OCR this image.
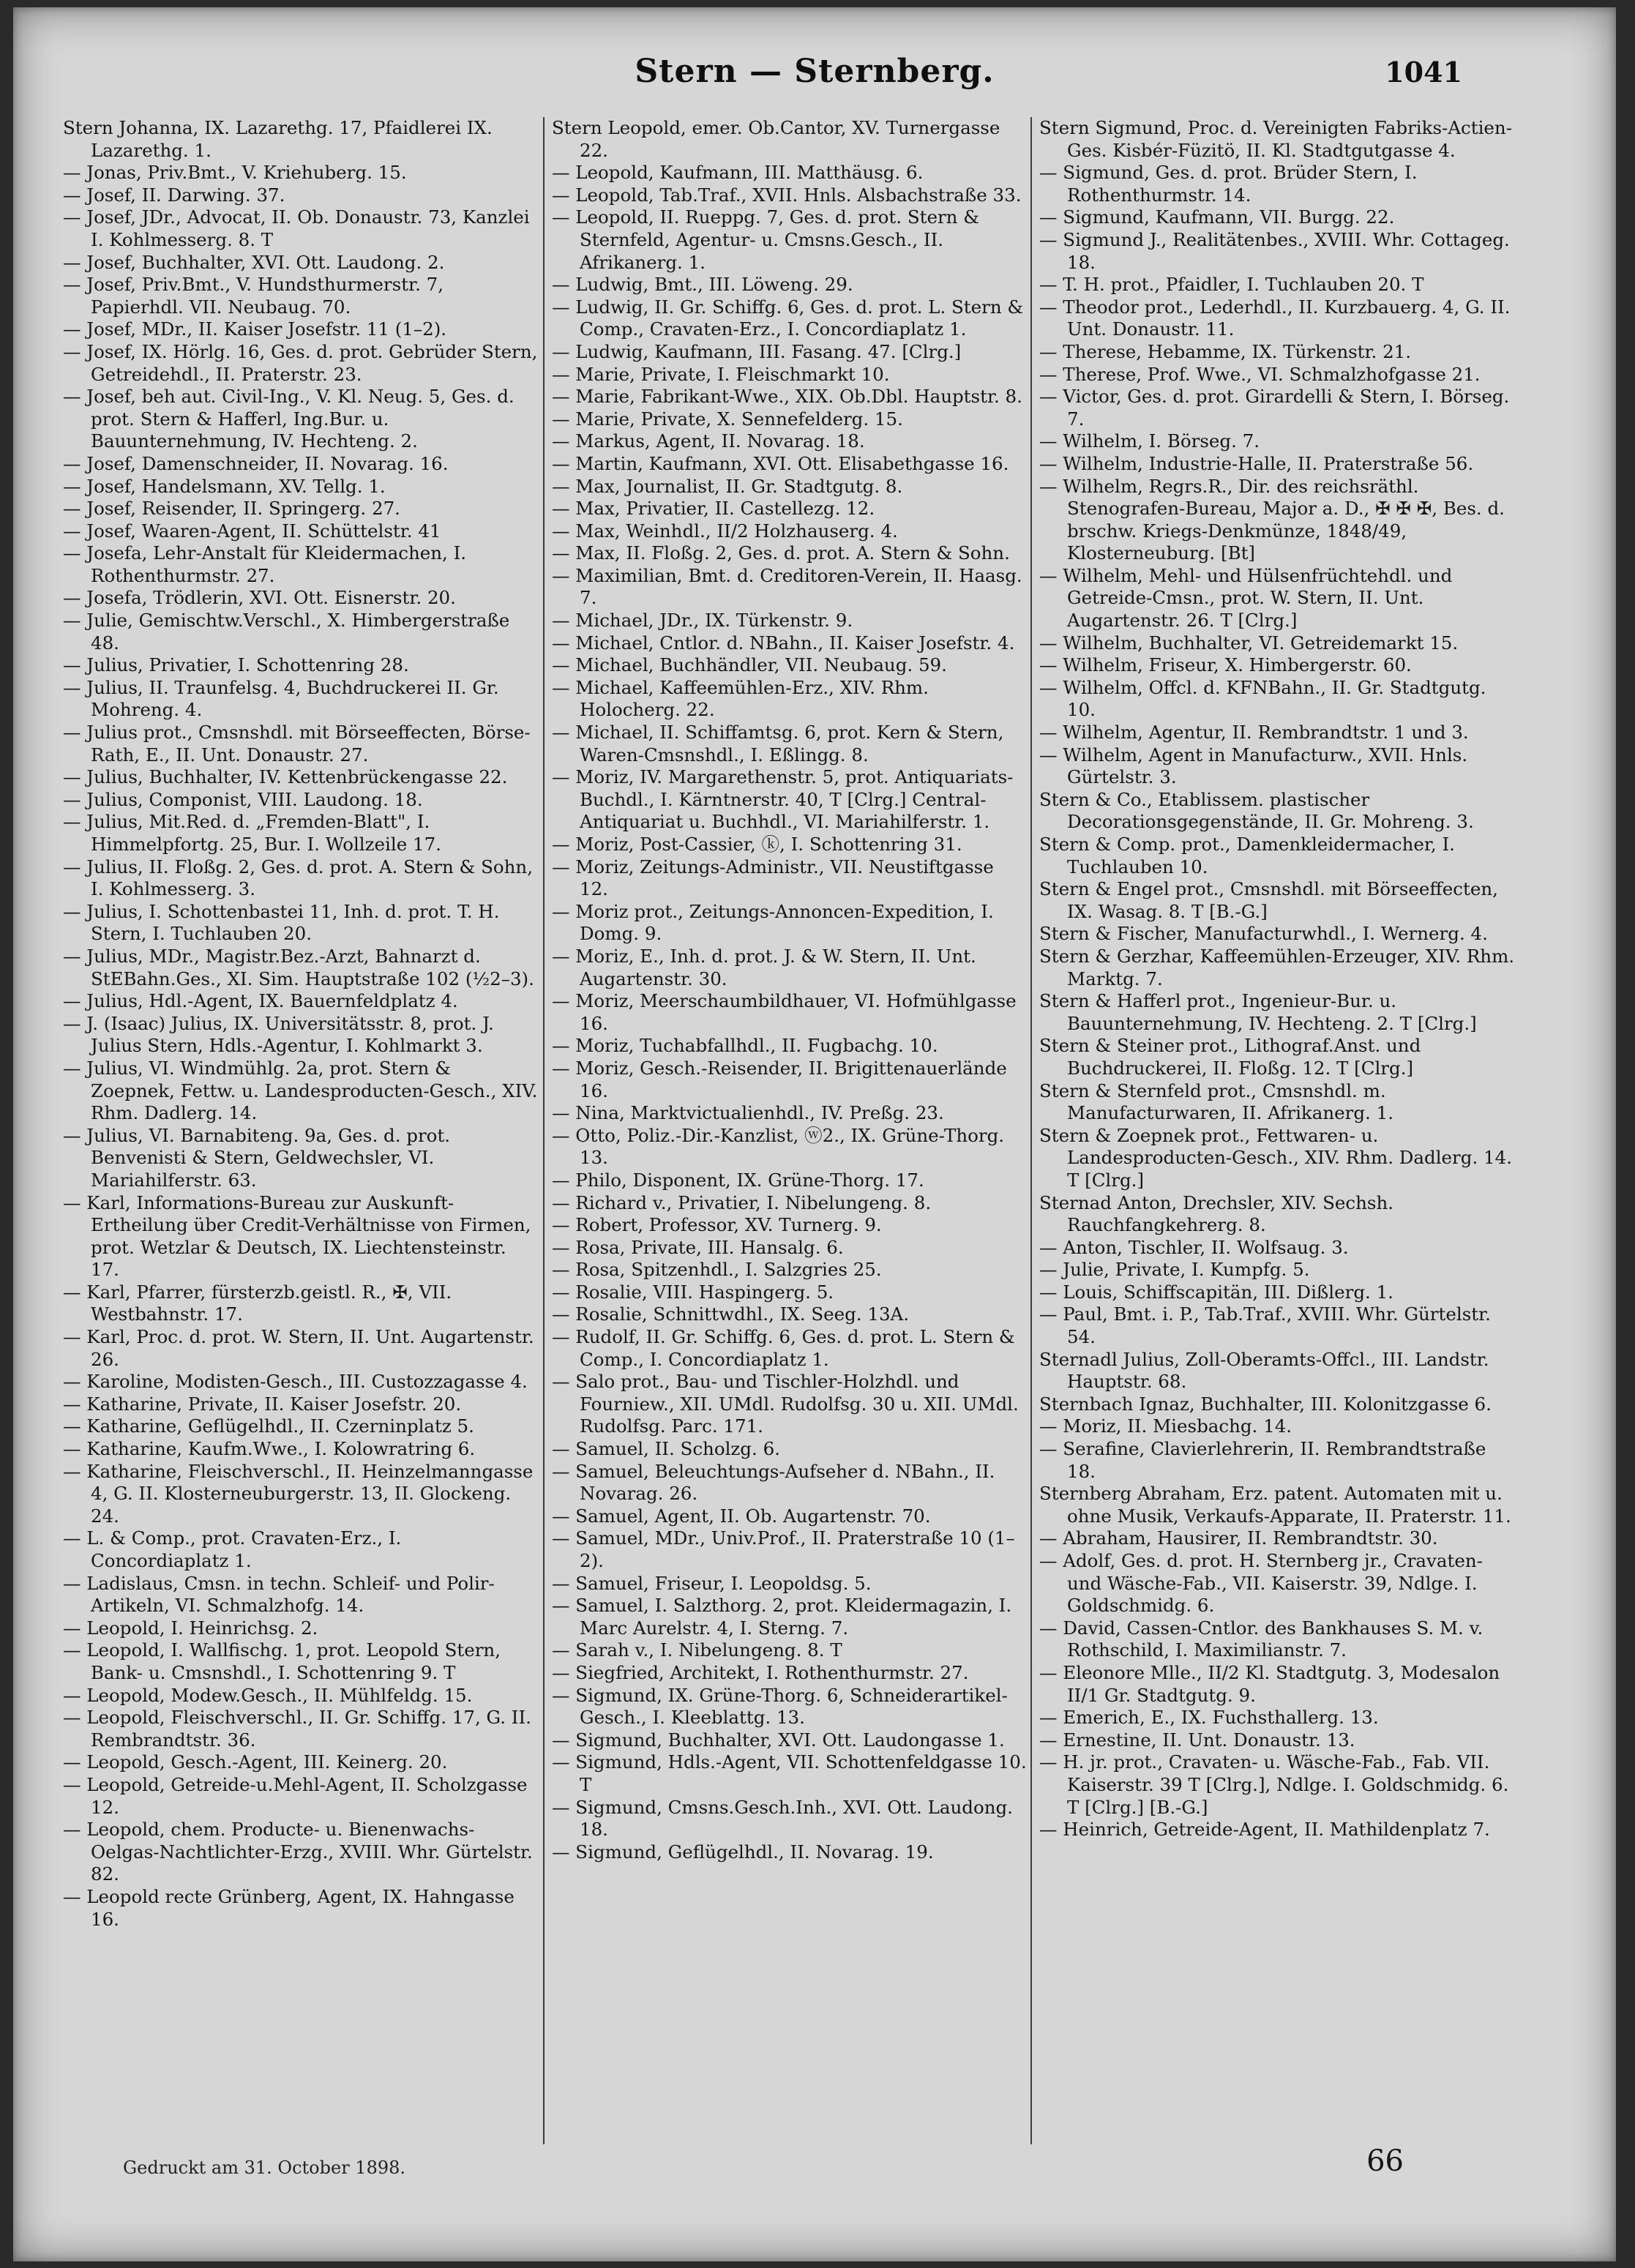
Stern — Sternberg.	1041

Stern Johanna, IX. Lazarethg. 17, Pfaidlerei IX. Lazarethg. 1.

— Jonas, Priv.Bmt., V. Kriehuberg. 15.

— Josef, II. Darwing. 37.

— Josef, JDr., Advocat, II. Ob. Donaustr. 73, Kanzlei I. Kohlmesserg. 8. T

— Josef, Buchhalter, XVI. Ott. Laudong. 2.

— Josef, Priv.Bmt., V. Hundsthurmerstr. 7, Papierhdl. VII. Neubaug. 70.

— Josef, MDr., II. Kaiser Josefstr. 11 (1–2).

— Josef, IX. Hörlg. 16, Ges. d. prot. Gebrüder Stern, Getreidehdl., II. Praterstr. 23.

— Josef, beh aut. Civil-Ing., V. Kl. Neug. 5, Ges. d. prot. Stern & Hafferl, Ing.Bur. u. Bauunternehmung, IV. Hechteng. 2.

— Josef, Damenschneider, II. Novarag. 16.

— Josef, Handelsmann, XV. Tellg. 1.

— Josef, Reisender, II. Springerg. 27.

— Josef, Waaren-Agent, II. Schüttelstr. 41

— Josefa, Lehr-Anstalt für Kleidermachen, I. Rothenthurmstr. 27.

— Josefa, Trödlerin, XVI. Ott. Eisnerstr. 20.

— Julie, Gemischtw.Verschl., X. Himbergerstraße 48.

— Julius, Privatier, I. Schottenring 28.

— Julius, II. Traunfelsg. 4, Buchdruckerei II. Gr. Mohreng. 4.

— Julius prot., Cmsnshdl. mit Börseeffecten, Börse-Rath, E., II. Unt. Donaustr. 27.

— Julius, Buchhalter, IV. Kettenbrückengasse 22.

— Julius, Componist, VIII. Laudong. 18.

— Julius, Mit.Red. d. „Fremden-Blatt", I. Himmelpfortg. 25, Bur. I. Wollzeile 17.

— Julius, II. Floßg. 2, Ges. d. prot. A. Stern & Sohn, I. Kohlmesserg. 3.

— Julius, I. Schottenbastei 11, Inh. d. prot. T. H. Stern, I. Tuchlauben 20.

— Julius, MDr., Magistr.Bez.-Arzt, Bahnarzt d. StEBahn.Ges., XI. Sim. Hauptstraße 102 (½2–3).

— Julius, Hdl.-Agent, IX. Bauernfeldplatz 4.

— J. (Isaac) Julius, IX. Universitätsstr. 8, prot. J. Julius Stern, Hdls.-Agentur, I. Kohlmarkt 3.

— Julius, VI. Windmühlg. 2a, prot. Stern & Zoepnek, Fettw. u. Landesproducten-Gesch., XIV. Rhm. Dadlerg. 14.

— Julius, VI. Barnabiteng. 9a, Ges. d. prot. Benvenisti & Stern, Geldwechsler, VI. Mariahilferstr. 63.

— Karl, Informations-Bureau zur Auskunft-Ertheilung über Credit-Verhältnisse von Firmen, prot. Wetzlar & Deutsch, IX. Liechtensteinstr. 17.

— Karl, Pfarrer, fürsterzb.geistl. R., ✠, VII. Westbahnstr. 17.

— Karl, Proc. d. prot. W. Stern, II. Unt. Augartenstr. 26.

— Karoline, Modisten-Gesch., III. Custozzagasse 4.

— Katharine, Private, II. Kaiser Josefstr. 20.

— Katharine, Geflügelhdl., II. Czerninplatz 5.

— Katharine, Kaufm.Wwe., I. Kolowratring 6.

— Katharine, Fleischverschl., II. Heinzelmanngasse 4, G. II. Klosterneuburgerstr. 13, II. Glockeng. 24.

— L. & Comp., prot. Cravaten-Erz., I. Concordiaplatz 1.

— Ladislaus, Cmsn. in techn. Schleif- und Polir-Artikeln, VI. Schmalzhofg. 14.

— Leopold, I. Heinrichsg. 2.

— Leopold, I. Wallfischg. 1, prot. Leopold Stern, Bank- u. Cmsnshdl., I. Schottenring 9. T

— Leopold, Modew.Gesch., II. Mühlfeldg. 15.

— Leopold, Fleischverschl., II. Gr. Schiffg. 17, G. II. Rembrandtstr. 36.

— Leopold, Gesch.-Agent, III. Keinerg. 20.

— Leopold, Getreide-u.Mehl-Agent, II. Scholzgasse 12.

— Leopold, chem. Producte- u. Bienenwachs-Oelgas-Nachtlichter-Erzg., XVIII. Whr. Gürtelstr. 82.

— Leopold recte Grünberg, Agent, IX. Hahngasse 16.

Stern Leopold, emer. Ob.Cantor, XV. Turnergasse 22.

— Leopold, Kaufmann, III. Matthäusg. 6.

— Leopold, Tab.Traf., XVII. Hnls. Alsbachstraße 33.

— Leopold, II. Rueppg. 7, Ges. d. prot. Stern & Sternfeld, Agentur- u. Cmsns.Gesch., II. Afrikanerg. 1.

— Ludwig, Bmt., III. Löweng. 29.

— Ludwig, II. Gr. Schiffg. 6, Ges. d. prot. L. Stern & Comp., Cravaten-Erz., I. Concordiaplatz 1.

— Ludwig, Kaufmann, III. Fasang. 47. [Clrg.]

— Marie, Private, I. Fleischmarkt 10.

— Marie, Fabrikant-Wwe., XIX. Ob.Dbl. Hauptstr. 8.

— Marie, Private, X. Sennefelderg. 15.

— Markus, Agent, II. Novarag. 18.

— Martin, Kaufmann, XVI. Ott. Elisabethgasse 16.

— Max, Journalist, II. Gr. Stadtgutg. 8.

— Max, Privatier, II. Castellezg. 12.

— Max, Weinhdl., II/2 Holzhauserg. 4.

— Max, II. Floßg. 2, Ges. d. prot. A. Stern & Sohn.

— Maximilian, Bmt. d. Creditoren-Verein, II. Haasg. 7.

— Michael, JDr., IX. Türkenstr. 9.

— Michael, Cntlor. d. NBahn., II. Kaiser Josefstr. 4.

— Michael, Buchhändler, VII. Neubaug. 59.

— Michael, Kaffeemühlen-Erz., XIV. Rhm. Holocherg. 22.

— Michael, II. Schiffamtsg. 6, prot. Kern & Stern, Waren-Cmsnshdl., I. Eßlingg. 8.

— Moriz, IV. Margarethenstr. 5, prot. Antiquariats-Buchdl., I. Kärntnerstr. 40, T [Clrg.] Central-Antiquariat u. Buchhdl., VI. Mariahilferstr. 1.

— Moriz, Post-Cassier, ⓚ, I. Schottenring 31.

— Moriz, Zeitungs-Administr., VII. Neustiftgasse 12.

— Moriz prot., Zeitungs-Annoncen-Expedition, I. Domg. 9.

— Moriz, E., Inh. d. prot. J. & W. Stern, II. Unt. Augartenstr. 30.

— Moriz, Meerschaumbildhauer, VI. Hofmühlgasse 16.

— Moriz, Tuchabfallhdl., II. Fugbachg. 10.

— Moriz, Gesch.-Reisender, II. Brigittenauerlände 16.

— Nina, Marktvictualienhdl., IV. Preßg. 23.

— Otto, Poliz.-Dir.-Kanzlist, ⓦ2., IX. Grüne-Thorg. 13.

— Philo, Disponent, IX. Grüne-Thorg. 17.

— Richard v., Privatier, I. Nibelungeng. 8.

— Robert, Professor, XV. Turnerg. 9.

— Rosa, Private, III. Hansalg. 6.

— Rosa, Spitzenhdl., I. Salzgries 25.

— Rosalie, VIII. Haspingerg. 5.

— Rosalie, Schnittwdhl., IX. Seeg. 13A.

— Rudolf, II. Gr. Schiffg. 6, Ges. d. prot. L. Stern & Comp., I. Concordiaplatz 1.

— Salo prot., Bau- und Tischler-Holzhdl. und Fourniew., XII. UMdl. Rudolfsg. 30 u. XII. UMdl. Rudolfsg. Parc. 171.

— Samuel, II. Scholzg. 6.

— Samuel, Beleuchtungs-Aufseher d. NBahn., II. Novarag. 26.

— Samuel, Agent, II. Ob. Augartenstr. 70.

— Samuel, MDr., Univ.Prof., II. Praterstraße 10 (1–2).

— Samuel, Friseur, I. Leopoldsg. 5.

— Samuel, I. Salzthorg. 2, prot. Kleidermagazin, I. Marc Aurelstr. 4, I. Sterng. 7.

— Sarah v., I. Nibelungeng. 8. T

— Siegfried, Architekt, I. Rothenthurmstr. 27.

— Sigmund, IX. Grüne-Thorg. 6, Schneiderartikel-Gesch., I. Kleeblattg. 13.

— Sigmund, Buchhalter, XVI. Ott. Laudongasse 1.

— Sigmund, Hdls.-Agent, VII. Schottenfeldgasse 10. T

— Sigmund, Cmsns.Gesch.Inh., XVI. Ott. Laudong. 18.

— Sigmund, Geflügelhdl., II. Novarag. 19.

Stern Sigmund, Proc. d. Vereinigten Fabriks-Actien-Ges. Kisbér-Füzitö, II. Kl. Stadtgutgasse 4.

— Sigmund, Ges. d. prot. Brüder Stern, I. Rothenthurmstr. 14.

— Sigmund, Kaufmann, VII. Burgg. 22.

— Sigmund J., Realitätenbes., XVIII. Whr. Cottageg. 18.

— T. H. prot., Pfaidler, I. Tuchlauben 20. T

— Theodor prot., Lederhdl., II. Kurzbauerg. 4, G. II. Unt. Donaustr. 11.

— Therese, Hebamme, IX. Türkenstr. 21.

— Therese, Prof. Wwe., VI. Schmalzhofgasse 21.

— Victor, Ges. d. prot. Girardelli & Stern, I. Börseg. 7.

— Wilhelm, I. Börseg. 7.

— Wilhelm, Industrie-Halle, II. Praterstraße 56.

— Wilhelm, Regrs.R., Dir. des reichsräthl. Stenografen-Bureau, Major a. D., ✠ ✠ ✠, Bes. d. brschw. Kriegs-Denkmünze, 1848/49, Klosterneuburg. [Bt]

— Wilhelm, Mehl- und Hülsenfrüchtehdl. und Getreide-Cmsn., prot. W. Stern, II. Unt. Augartenstr. 26. T [Clrg.]

— Wilhelm, Buchhalter, VI. Getreidemarkt 15.

— Wilhelm, Friseur, X. Himbergerstr. 60.

— Wilhelm, Offcl. d. KFNBahn., II. Gr. Stadtgutg. 10.

— Wilhelm, Agentur, II. Rembrandtstr. 1 und 3.

— Wilhelm, Agent in Manufacturw., XVII. Hnls. Gürtelstr. 3.

Stern & Co., Etablissem. plastischer Decorationsgegenstände, II. Gr. Mohreng. 3.

Stern & Comp. prot., Damenkleidermacher, I. Tuchlauben 10.

Stern & Engel prot., Cmsnshdl. mit Börseeffecten, IX. Wasag. 8. T [B.-G.]

Stern & Fischer, Manufacturwhdl., I. Wernerg. 4.

Stern & Gerzhar, Kaffeemühlen-Erzeuger, XIV. Rhm. Marktg. 7.

Stern & Hafferl prot., Ingenieur-Bur. u. Bauunternehmung, IV. Hechteng. 2. T [Clrg.]

Stern & Steiner prot., Lithograf.Anst. und Buchdruckerei, II. Floßg. 12. T [Clrg.]

Stern & Sternfeld prot., Cmsnshdl. m. Manufacturwaren, II. Afrikanerg. 1.

Stern & Zoepnek prot., Fettwaren- u. Landesproducten-Gesch., XIV. Rhm. Dadlerg. 14. T [Clrg.]

Sternad Anton, Drechsler, XIV. Sechsh. Rauchfangkehrerg. 8.

— Anton, Tischler, II. Wolfsaug. 3.

— Julie, Private, I. Kumpfg. 5.

— Louis, Schiffscapitän, III. Dißlerg. 1.

— Paul, Bmt. i. P., Tab.Traf., XVIII. Whr. Gürtelstr. 54.

Sternadl Julius, Zoll-Oberamts-Offcl., III. Landstr. Hauptstr. 68.

Sternbach Ignaz, Buchhalter, III. Kolonitzgasse 6.

— Moriz, II. Miesbachg. 14.

— Serafine, Clavierlehrerin, II. Rembrandtstraße 18.

Sternberg Abraham, Erz. patent. Automaten mit u. ohne Musik, Verkaufs-Apparate, II. Praterstr. 11.

— Abraham, Hausirer, II. Rembrandtstr. 30.

— Adolf, Ges. d. prot. H. Sternberg jr., Cravaten- und Wäsche-Fab., VII. Kaiserstr. 39, Ndlge. I. Goldschmidg. 6.

— David, Cassen-Cntlor. des Bankhauses S. M. v. Rothschild, I. Maximilianstr. 7.

— Eleonore Mlle., II/2 Kl. Stadtgutg. 3, Modesalon II/1 Gr. Stadtgutg. 9.

— Emerich, E., IX. Fuchsthallerg. 13.

— Ernestine, II. Unt. Donaustr. 13.

— H. jr. prot., Cravaten- u. Wäsche-Fab., Fab. VII. Kaiserstr. 39 T [Clrg.], Ndlge. I. Goldschmidg. 6. T [Clrg.] [B.-G.]

— Heinrich, Getreide-Agent, II. Mathildenplatz 7.

Gedruckt am 31. October 1898.	66
